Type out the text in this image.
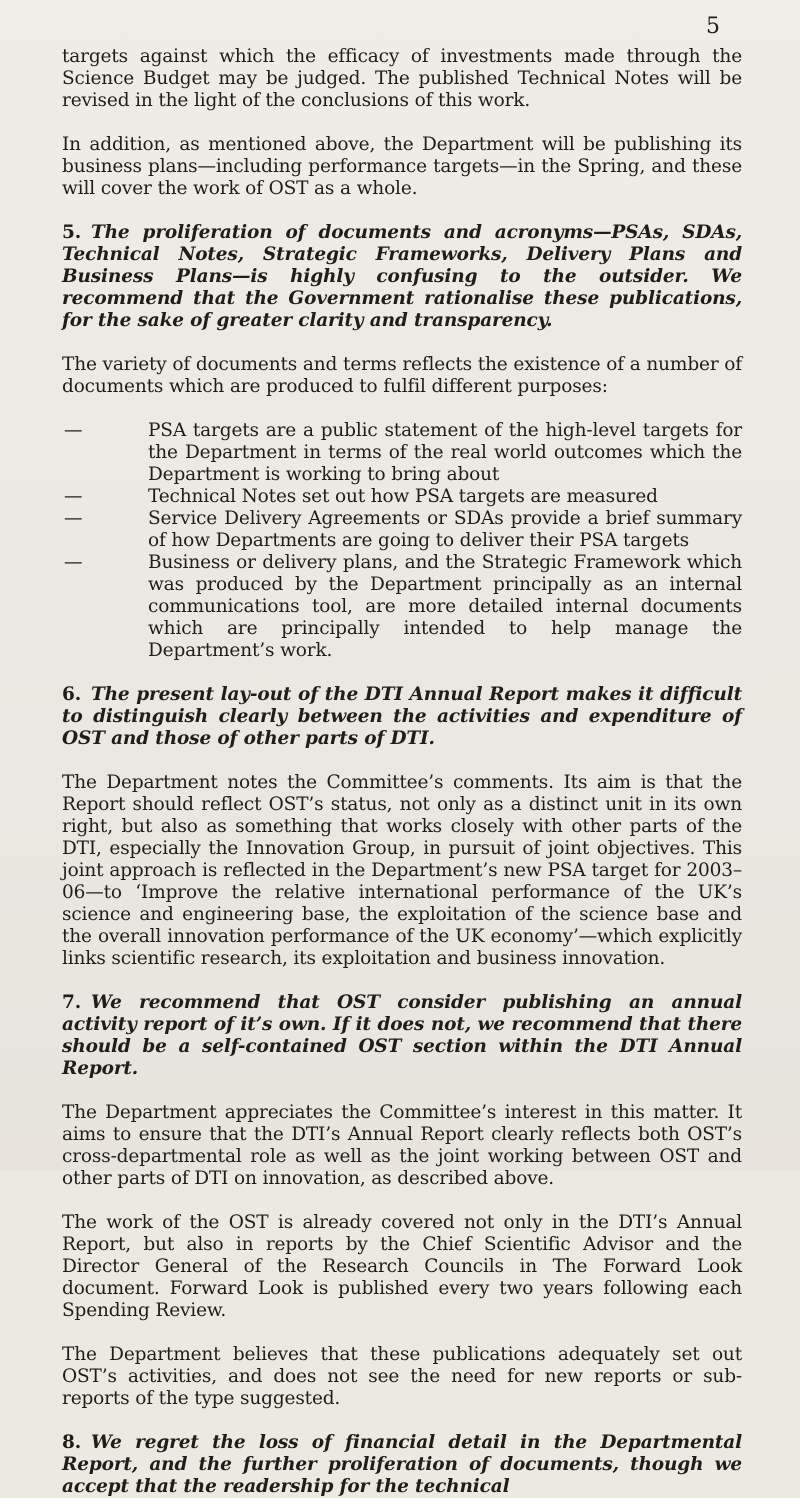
5

targets against which the efficacy of investments made through the Science Budget may be judged. The published Technical Notes will be revised in the light of the conclusions of this work.

In addition, as mentioned above, the Department will be publishing its business plans—including performance targets—in the Spring, and these will cover the work of OST as a whole.

5. The proliferation of documents and acronyms—PSAs, SDAs, Technical Notes, Strategic Frameworks, Delivery Plans and Business Plans—is highly confusing to the outsider. We recommend that the Government rationalise these publications, for the sake of greater clarity and transparency.

The variety of documents and terms reflects the existence of a number of documents which are produced to fulfil different purposes:

—	PSA targets are a public statement of the high-level targets for the Department in terms of the real world outcomes which the Department is working to bring about
—	Technical Notes set out how PSA targets are measured
—	Service Delivery Agreements or SDAs provide a brief summary of how Departments are going to deliver their PSA targets
—	Business or delivery plans, and the Strategic Framework which was produced by the Department principally as an internal communications tool, are more detailed internal documents which are principally intended to help manage the Department’s work.

6. The present lay-out of the DTI Annual Report makes it difficult to distinguish clearly between the activities and expenditure of OST and those of other parts of DTI.

The Department notes the Committee’s comments. Its aim is that the Report should reflect OST’s status, not only as a distinct unit in its own right, but also as something that works closely with other parts of the DTI, especially the Innovation Group, in pursuit of joint objectives. This joint approach is reflected in the Department’s new PSA target for 2003–06—to ‘Improve the relative international performance of the UK’s science and engineering base, the exploitation of the science base and the overall innovation performance of the UK economy’—which explicitly links scientific research, its exploitation and business innovation.

7. We recommend that OST consider publishing an annual activity report of it’s own. If it does not, we recommend that there should be a self-contained OST section within the DTI Annual Report.

The Department appreciates the Committee’s interest in this matter. It aims to ensure that the DTI’s Annual Report clearly reflects both OST’s cross-departmental role as well as the joint working between OST and other parts of DTI on innovation, as described above.

The work of the OST is already covered not only in the DTI’s Annual Report, but also in reports by the Chief Scientific Advisor and the Director General of the Research Councils in The Forward Look document. Forward Look is published every two years following each Spending Review.

The Department believes that these publications adequately set out OST’s activities, and does not see the need for new reports or sub-reports of the type suggested.

8. We regret the loss of financial detail in the Departmental Report, and the further proliferation of documents, though we accept that the readership for the technical
